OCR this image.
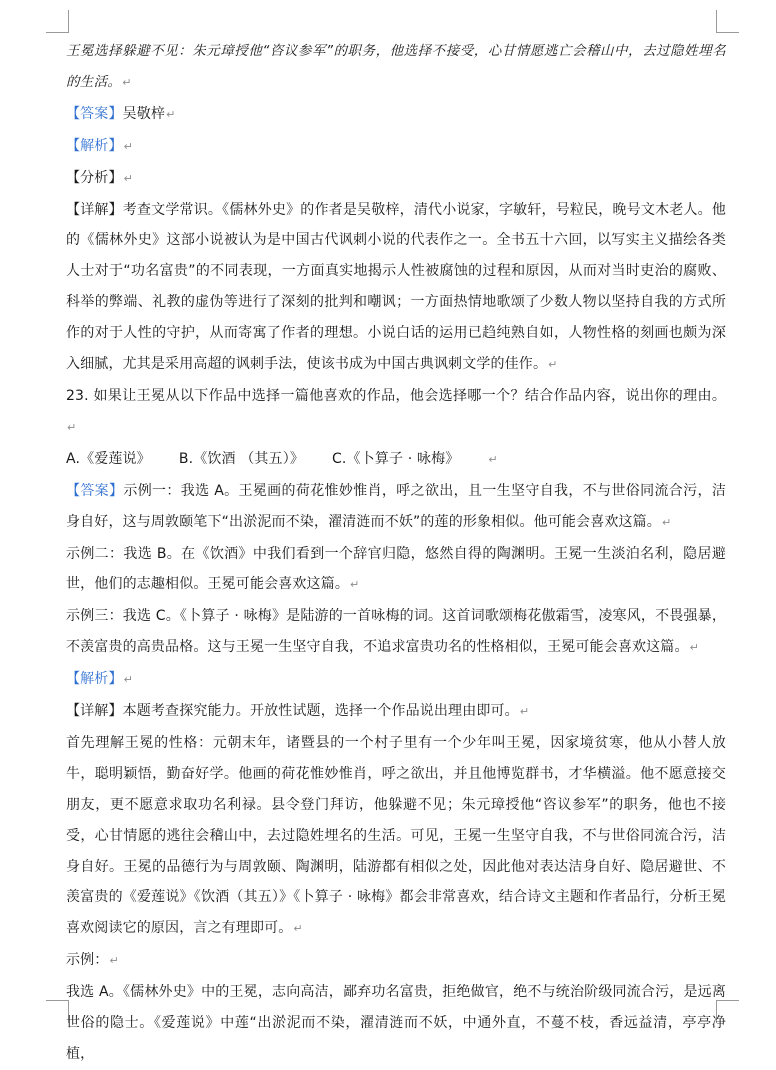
王冕选择躲避不见：朱元璋授他“咨议参军”的职务，他选择不接受，心甘情愿逃亡会稽山中，去过隐姓埋名的生活。↵

【答案】吴敬梓↵

【解析】↵

【分析】↵

【详解】考查文学常识。《儒林外史》的作者是吴敬梓，清代小说家，字敏轩，号粒民，晚号文木老人。他的《儒林外史》这部小说被认为是中国古代讽刺小说的代表作之一。全书五十六回，以写实主义描绘各类人士对于“功名富贵”的不同表现，一方面真实地揭示人性被腐蚀的过程和原因，从而对当时吏治的腐败、科举的弊端、礼教的虚伪等进行了深刻的批判和嘲讽；一方面热情地歌颂了少数人物以坚持自我的方式所作的对于人性的守护，从而寄寓了作者的理想。小说白话的运用已趋纯熟自如，人物性格的刻画也颇为深入细腻，尤其是采用高超的讽刺手法，使该书成为中国古典讽刺文学的佳作。↵

23. 如果让王冕从以下作品中选择一篇他喜欢的作品，他会选择哪一个？结合作品内容，说出你的理由。↵

A.《爱莲说》 B.《饮酒 （其五）》 C.《卜算子 · 咏梅》	↵

【答案】示例一：我选 A。王冕画的荷花惟妙惟肖，呼之欲出，且一生坚守自我，不与世俗同流合污，洁身自好，这与周敦颐笔下“出淤泥而不染，濯清涟而不妖”的莲的形象相似。他可能会喜欢这篇。↵

示例二：我选 B。在《饮酒》中我们看到一个辞官归隐，悠然自得的陶渊明。王冕一生淡泊名利，隐居避世，他们的志趣相似。王冕可能会喜欢这篇。↵

示例三：我选 C。《卜算子 · 咏梅》是陆游的一首咏梅的词。这首词歌颂梅花傲霜雪，凌寒风，不畏强暴，不羡富贵的高贵品格。这与王冕一生坚守自我，不追求富贵功名的性格相似，王冕可能会喜欢这篇。↵

【解析】↵

【详解】本题考查探究能力。开放性试题，选择一个作品说出理由即可。↵

首先理解王冕的性格：元朝末年，诸暨县的一个村子里有一个少年叫王冕，因家境贫寒，他从小替人放牛，聪明颖悟，勤奋好学。他画的荷花惟妙惟肖，呼之欲出，并且他博览群书，才华横溢。他不愿意接交朋友，更不愿意求取功名利禄。县令登门拜访，他躲避不见；朱元璋授他“咨议参军”的职务，他也不接受，心甘情愿的逃往会稽山中，去过隐姓埋名的生活。可见，王冕一生坚守自我，不与世俗同流合污，洁身自好。王冕的品德行为与周敦颐、陶渊明，陆游都有相似之处，因此他对表达洁身自好、隐居避世、不羡富贵的《爱莲说》《饮酒（其五）》《卜算子 · 咏梅》都会非常喜欢，结合诗文主题和作者品行，分析王冕喜欢阅读它的原因，言之有理即可。↵

示例：↵

我选 A。《儒林外史》中的王冕，志向高洁，鄙弃功名富贵，拒绝做官，绝不与统治阶级同流合污，是远离世俗的隐士。《爱莲说》中莲“出淤泥而不染，濯清涟而不妖，中通外直，不蔓不枝，香远益清，亭亭净植，
